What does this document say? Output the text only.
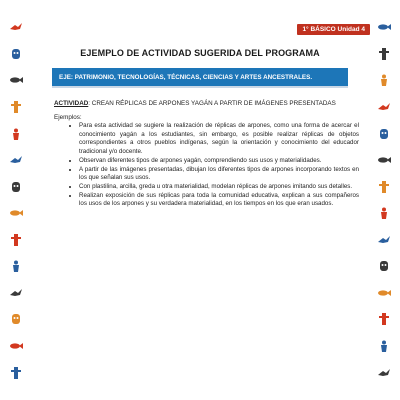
1° BÁSICO Unidad 4
EJEMPLO DE ACTIVIDAD SUGERIDA DEL PROGRAMA
EJE: PATRIMONIO, TECNOLOGÍAS, TÉCNICAS, CIENCIAS Y ARTES ANCESTRALES.
ACTIVIDAD: CREAN RÉPLICAS DE ARPONES YAGÁN A PARTIR DE IMÁGENES PRESENTADAS
Ejemplos:
• Para esta actividad se sugiere la realización de réplicas de arpones, como una forma de acercar el conocimiento yagán a los estudiantes, sin embargo, es posible realizar réplicas de objetos correspondientes a otros pueblos indígenas, según la orientación y conocimiento del educador tradicional y/o docente.
• Observan diferentes tipos de arpones yagán, comprendiendo sus usos y materialidades.
• A partir de las imágenes presentadas, dibujan los diferentes tipos de arpones incorporando textos en los que señalan sus usos.
• Con plastilina, arcilla, greda u otra materialidad, modelan réplicas de arpones imitando sus detalles.
• Realizan exposición de sus réplicas para toda la comunidad educativa, explican a sus compañeros los usos de los arpones y su verdadera materialidad, en los tiempos en los que eran usados.
